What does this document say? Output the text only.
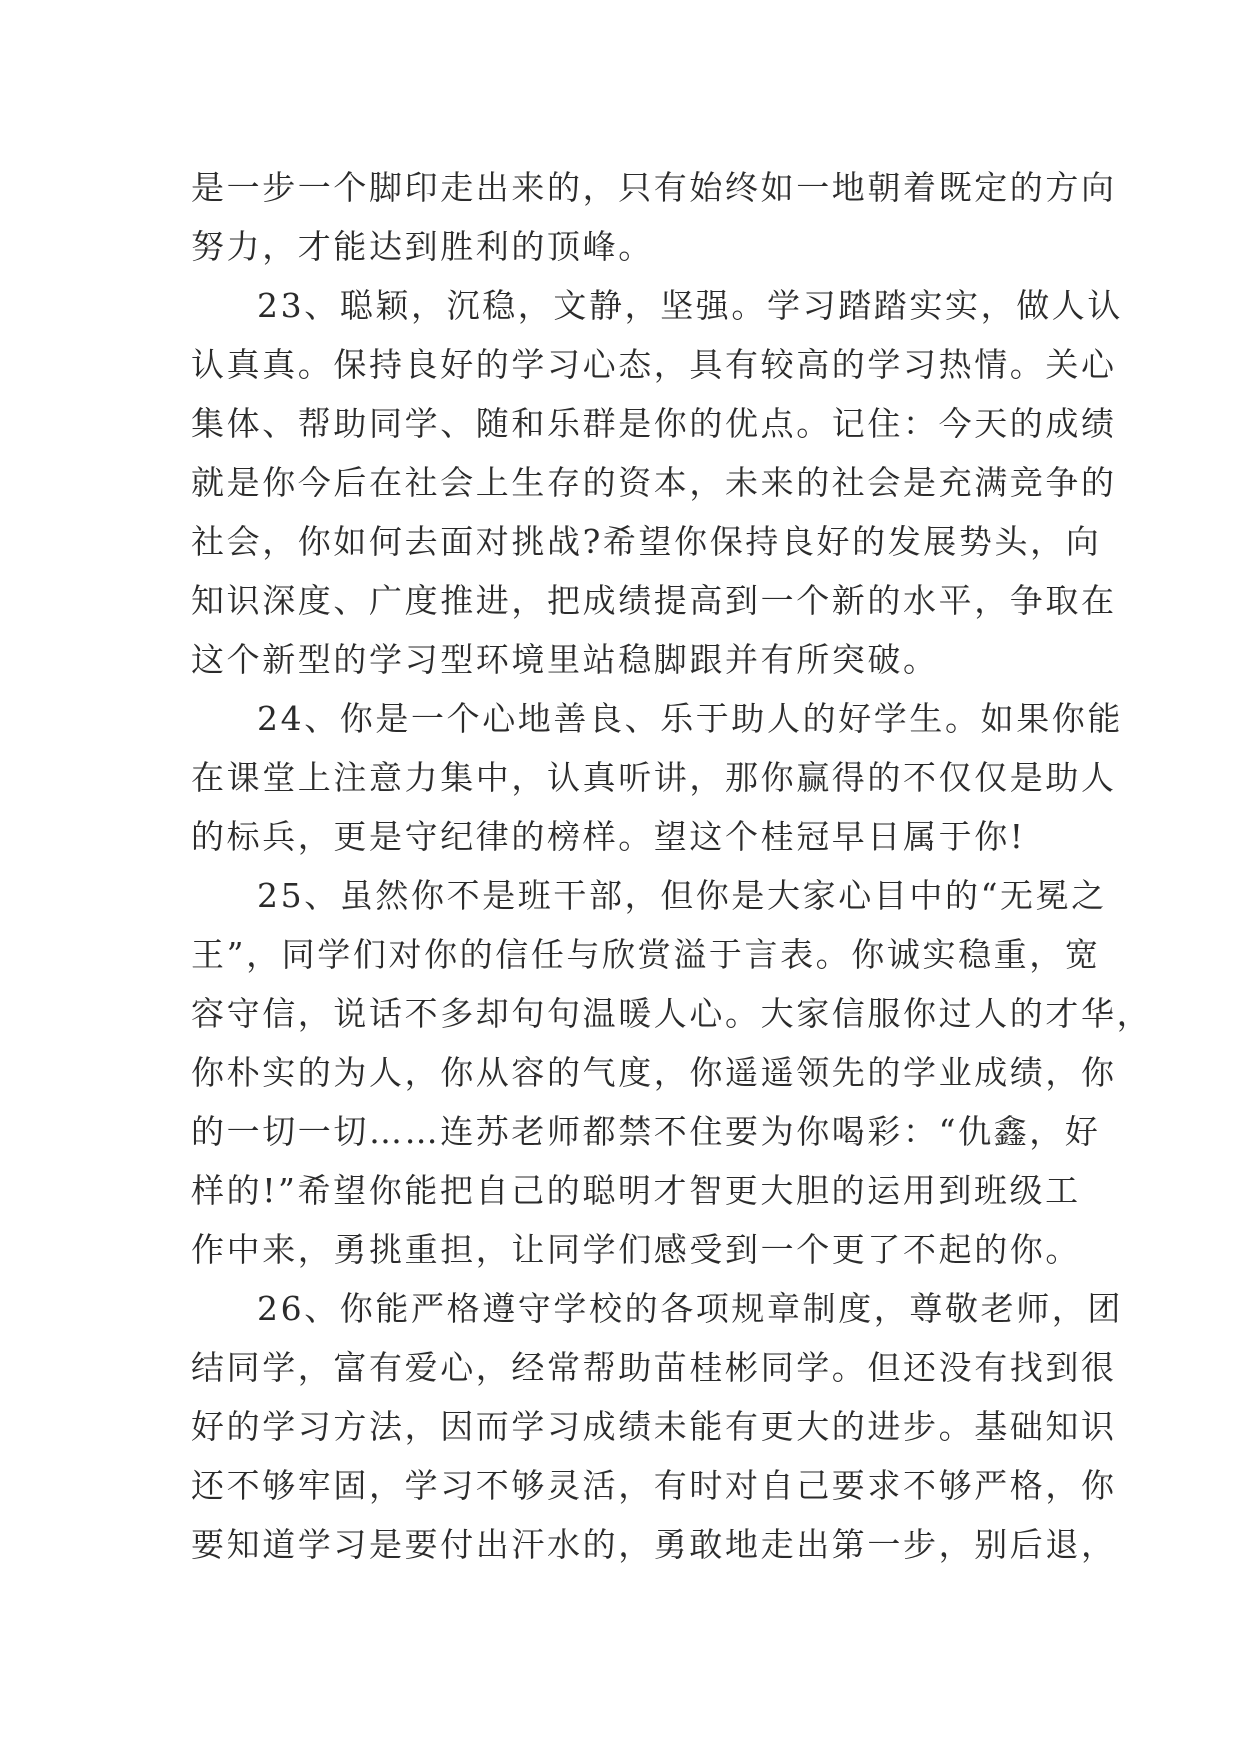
是一步一个脚印走出来的，只有始终如一地朝着既定的方向
努力，才能达到胜利的顶峰。
23、聪颖，沉稳，文静，坚强。学习踏踏实实，做人认
认真真。保持良好的学习心态，具有较高的学习热情。关心
集体、帮助同学、随和乐群是你的优点。记住：今天的成绩
就是你今后在社会上生存的资本，未来的社会是充满竞争的
社会，你如何去面对挑战?希望你保持良好的发展势头，向
知识深度、广度推进，把成绩提高到一个新的水平，争取在
这个新型的学习型环境里站稳脚跟并有所突破。
24、你是一个心地善良、乐于助人的好学生。如果你能
在课堂上注意力集中，认真听讲，那你赢得的不仅仅是助人
的标兵，更是守纪律的榜样。望这个桂冠早日属于你!
25、虽然你不是班干部，但你是大家心目中的“无冕之
王”，同学们对你的信任与欣赏溢于言表。你诚实稳重，宽
容守信，说话不多却句句温暖人心。大家信服你过人的才华，
你朴实的为人，你从容的气度，你遥遥领先的学业成绩，你
的一切一切……连苏老师都禁不住要为你喝彩：“仇鑫，好
样的!”希望你能把自己的聪明才智更大胆的运用到班级工
作中来，勇挑重担，让同学们感受到一个更了不起的你。
26、你能严格遵守学校的各项规章制度，尊敬老师，团
结同学，富有爱心，经常帮助苗桂彬同学。但还没有找到很
好的学习方法，因而学习成绩未能有更大的进步。基础知识
还不够牢固，学习不够灵活，有时对自己要求不够严格，你
要知道学习是要付出汗水的，勇敢地走出第一步，别后退，
